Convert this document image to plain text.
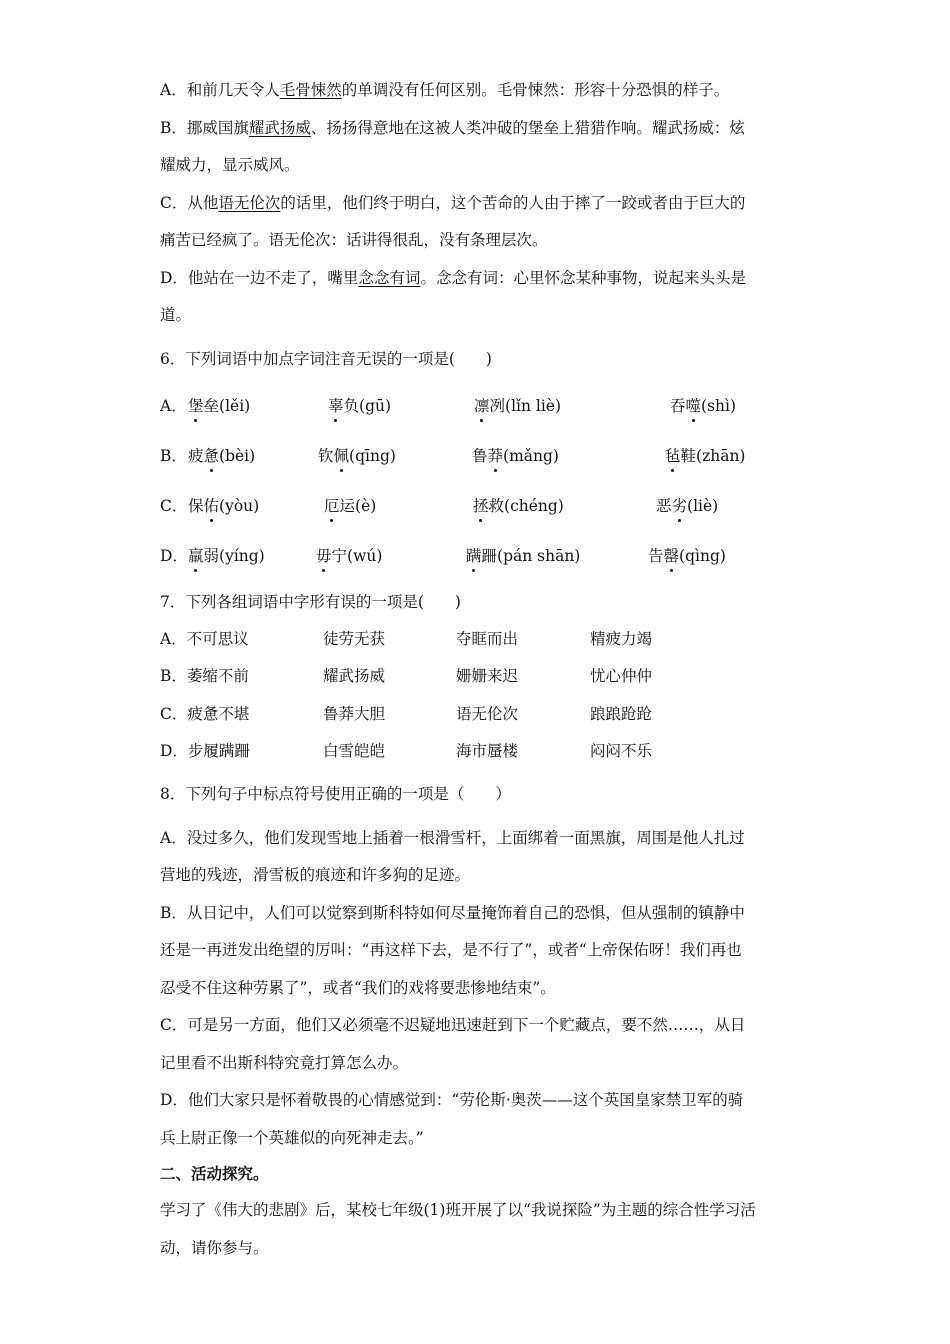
A．和前几天令人毛骨悚然的单调没有任何区别。毛骨悚然：形容十分恐惧的样子。
B．挪威国旗耀武扬威、扬扬得意地在这被人类冲破的堡垒上猎猎作响。耀武扬威：炫
耀威力，显示威风。
C．从他语无伦次的话里，他们终于明白，这个苦命的人由于摔了一跤或者由于巨大的
痛苦已经疯了。语无伦次：话讲得很乱，没有条理层次。
D．他站在一边不走了，嘴里念念有词。念念有词：心里怀念某种事物，说起来头头是
道。
6．下列词语中加点字词注音无误的一项是(　　)
A． 堡垒(lěi)	辜负(gū)	凛冽(lǐn liè)	吞噬(shì)
B． 疲惫(bèi)	钦佩(qīng)	鲁莽(mǎng)	毡鞋(zhān)
C． 保佑(yòu)	厄运(è)	拯救(chéng)	恶劣(liè)
D． 羸弱(yíng)	毋宁(wú)	蹒跚(pán shān)	告罄(qìng)
7．下列各组词语中字形有误的一项是(　　)
A．不可思议	徒劳无获	夺眶而出	精疲力竭
B．萎缩不前	耀武扬威	姗姗来迟	忧心仲仲
C．疲惫不堪	鲁莽大胆	语无伦次	踉踉跄跄
D．步履蹒跚	白雪皑皑	海市蜃楼	闷闷不乐
8．下列句子中标点符号使用正确的一项是（　　）
A．没过多久，他们发现雪地上插着一根滑雪杆，上面绑着一面黑旗，周围是他人扎过
营地的残迹，滑雪板的痕迹和许多狗的足迹。
B．从日记中，人们可以觉察到斯科特如何尽量掩饰着自己的恐惧，但从强制的镇静中
还是一再迸发出绝望的厉叫：“再这样下去，是不行了”，或者“上帝保佑呀！我们再也
忍受不住这种劳累了”，或者“我们的戏将要悲惨地结束”。
C．可是另一方面，他们又必须毫不迟疑地迅速赶到下一个贮藏点，要不然……，从日
记里看不出斯科特究竟打算怎么办。
D．他们大家只是怀着敬畏的心情感觉到：“劳伦斯·奥茨——这个英国皇家禁卫军的骑
兵上尉正像一个英雄似的向死神走去。”
二、活动探究。
学习了《伟大的悲剧》后，某校七年级(1)班开展了以“我说探险”为主题的综合性学习活
动，请你参与。
